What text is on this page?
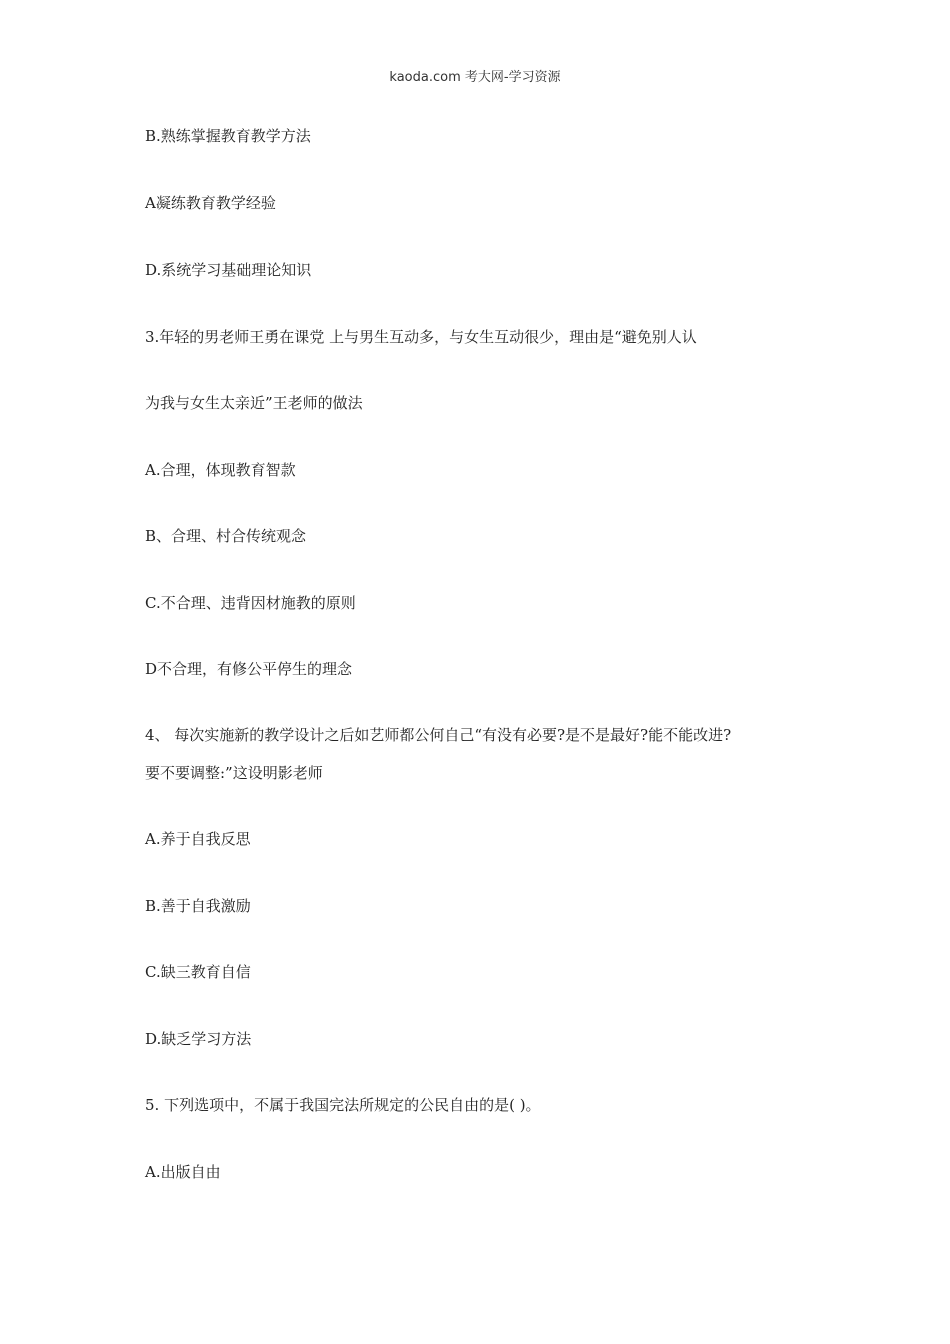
kaoda.com 考大网-学习资源
B.熟练掌握教育教学方法
A凝练教育教学经验
D.系统学习基础理论知识
3.年轻的男老师王勇在课党 上与男生互动多，与女生互动很少，理由是“避免别人认
为我与女生太亲近”王老师的做法
A.合理，体现教育智款
B、合理、村合传统观念
C.不合理、违背因材施教的原则
D不合理，有修公平停生的理念
4、 每次实施新的教学设计之后如艺师都公何自己“有没有必要?是不是最好?能不能改进?
要不要调整:”这设明影老师
A.养于自我反思
B.善于自我激励
C.缺三教育自信
D.缺乏学习方法
5. 下列选项中，不属于我国完法所规定的公民自由的是( )。
A.出版自由
